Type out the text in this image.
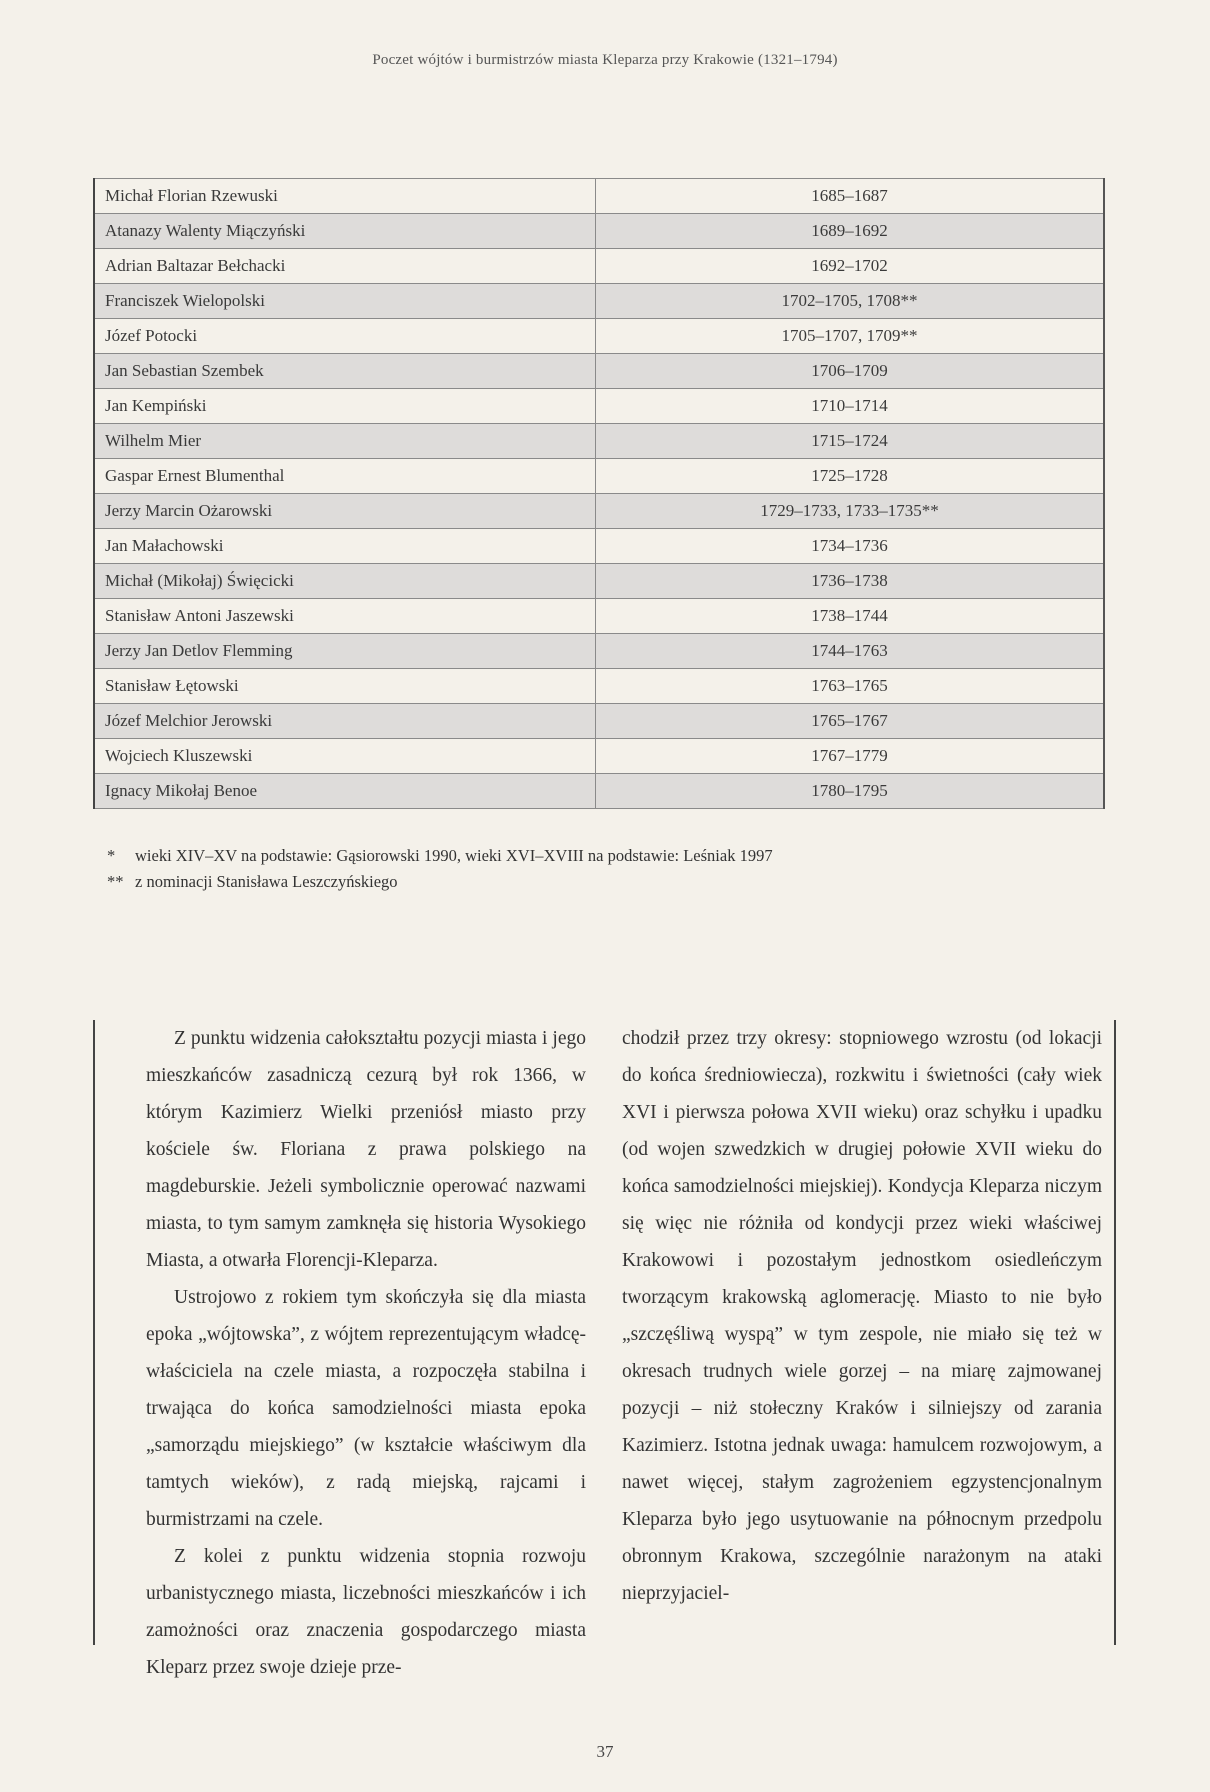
Poczet wójtów i burmistrzów miasta Kleparza przy Krakowie (1321–1794)
Michał Florian Rzewuski	1685–1687
Atanazy Walenty Miączyński	1689–1692
Adrian Baltazar Bełchacki	1692–1702
Franciszek Wielopolski	1702–1705, 1708**
Józef Potocki	1705–1707, 1709**
Jan Sebastian Szembek	1706–1709
Jan Kempiński	1710–1714
Wilhelm Mier	1715–1724
Gaspar Ernest Blumenthal	1725–1728
Jerzy Marcin Ożarowski	1729–1733, 1733–1735**
Jan Małachowski	1734–1736
Michał (Mikołaj) Święcicki	1736–1738
Stanisław Antoni Jaszewski	1738–1744
Jerzy Jan Detlov Flemming	1744–1763
Stanisław Łętowski	1763–1765
Józef Melchior Jerowski	1765–1767
Wojciech Kluszewski	1767–1779
Ignacy Mikołaj Benoe	1780–1795
* wieki XIV–XV na podstawie: Gąsiorowski 1990, wieki XVI–XVIII na podstawie: Leśniak 1997
** z nominacji Stanisława Leszczyńskiego

Z punktu widzenia całokształtu pozycji miasta i jego mieszkańców zasadniczą cezurą był rok 1366, w którym Kazimierz Wielki przeniósł miasto przy kościele św. Floriana z prawa polskiego na magdeburskie. Jeżeli symbolicznie operować nazwami miasta, to tym samym zamknęła się historia Wysokiego Miasta, a otwarła Florencji-Kleparza.

Ustrojowo z rokiem tym skończyła się dla miasta epoka „wójtowska”, z wójtem reprezentującym władcę-właściciela na czele miasta, a rozpoczęła stabilna i trwająca do końca samodzielności miasta epoka „samorządu miejskiego” (w kształcie właściwym dla tamtych wieków), z radą miejską, rajcami i burmistrzami na czele.

Z kolei z punktu widzenia stopnia rozwoju urbanistycznego miasta, liczebności mieszkańców i ich zamożności oraz znaczenia gospodarczego miasta Kleparz przez swoje dzieje prze-

chodził przez trzy okresy: stopniowego wzrostu (od lokacji do końca średniowiecza), rozkwitu i świetności (cały wiek XVI i pierwsza połowa XVII wieku) oraz schyłku i upadku (od wojen szwedzkich w drugiej połowie XVII wieku do końca samodzielności miejskiej). Kondycja Kleparza niczym się więc nie różniła od kondycji przez wieki właściwej Krakowowi i pozostałym jednostkom osiedleńczym tworzącym krakowską aglomerację. Miasto to nie było „szczęśliwą wyspą” w tym zespole, nie miało się też w okresach trudnych wiele gorzej – na miarę zajmowanej pozycji – niż stołeczny Kraków i silniejszy od zarania Kazimierz. Istotna jednak uwaga: hamulcem rozwojowym, a nawet więcej, stałym zagrożeniem egzystencjonalnym Kleparza było jego usytuowanie na północnym przedpolu obronnym Krakowa, szczególnie narażonym na ataki nieprzyjaciel-

37
